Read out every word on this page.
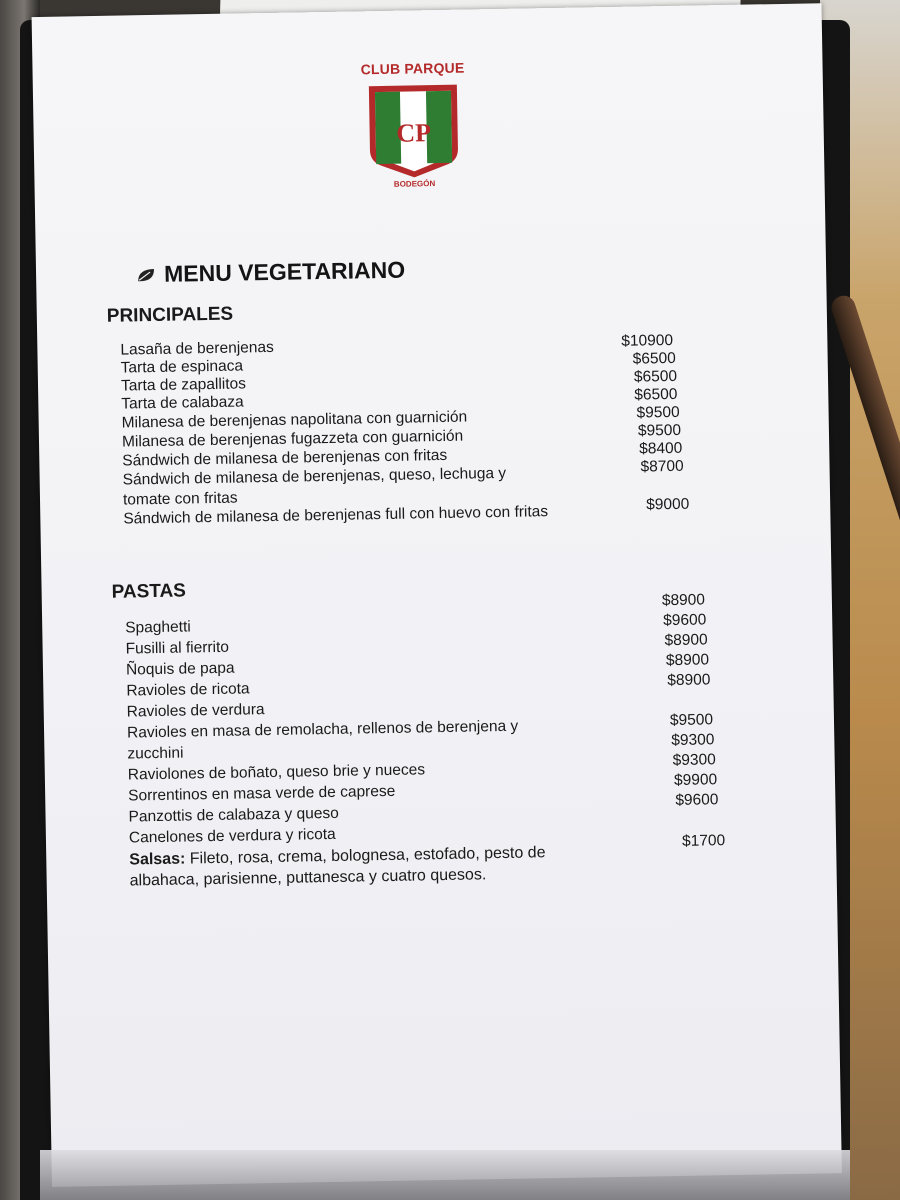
CLUB PARQUE
CP
BODEGÓN
MENU VEGETARIANO
PRINCIPALES
Lasaña de berenjenas
Tarta de espinaca
Tarta de zapallitos
Tarta de calabaza
Milanesa de berenjenas napolitana con guarnición
Milanesa de berenjenas fugazzeta con guarnición
Sándwich de milanesa de berenjenas con fritas
Sándwich de milanesa de berenjenas, queso, lechuga y
tomate con fritas
Sándwich de milanesa de berenjenas full con huevo con fritas
$10900
$6500
$6500
$6500
$9500
$9500
$8400
$8700
$9000
PASTAS
Spaghetti
Fusilli al fierrito
Ñoquis de papa
Ravioles de ricota
Ravioles de verdura
Ravioles en masa de remolacha, rellenos de berenjena y
zucchini
Raviolones de boñato, queso brie y nueces
Sorrentinos en masa verde de caprese
Panzottis de calabaza y queso
Canelones de verdura y ricota
$8900
$9600
$8900
$8900
$8900
$9500
$9300
$9300
$9900
$9600
Salsas: Fileto, rosa, crema, bolognesa, estofado, pesto de
albahaca, parisienne, puttanesca y cuatro quesos.
$1700
